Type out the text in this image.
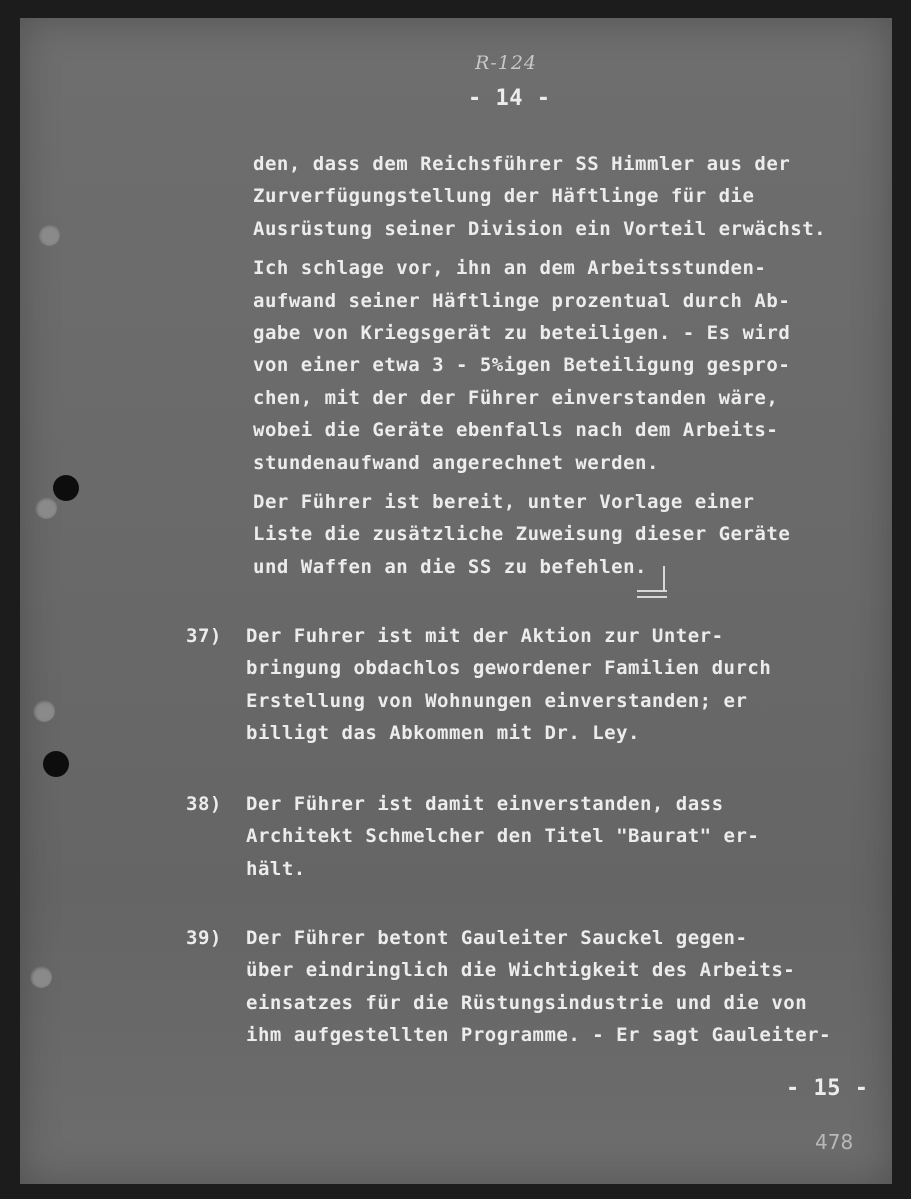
R-124
- 14 -
den, dass dem Reichsführer SS Himmler aus der
Zurverfügungstellung der Häftlinge für die
Ausrüstung seiner Division ein Vorteil erwächst.
Ich schlage vor, ihn an dem Arbeitsstunden-
aufwand seiner Häftlinge prozentual durch Ab-
gabe von Kriegsgerät zu beteiligen. - Es wird
von einer etwa 3 - 5%igen Beteiligung gespro-
chen, mit der der Führer einverstanden wäre,
wobei die Geräte ebenfalls nach dem Arbeits-
stundenaufwand angerechnet werden.
Der Führer ist bereit, unter Vorlage einer
Liste die zusätzliche Zuweisung dieser Geräte
und Waffen an die SS zu befehlen.
37) Der Fuhrer ist mit der Aktion zur Unter-
bringung obdachlos gewordener Familien durch
Erstellung von Wohnungen einverstanden; er
billigt das Abkommen mit Dr. Ley.
38) Der Führer ist damit einverstanden, dass
Architekt Schmelcher den Titel "Baurat" er-
hält.
39) Der Führer betont Gauleiter Sauckel gegen-
über eindringlich die Wichtigkeit des Arbeits-
einsatzes für die Rüstungsindustrie und die von
ihm aufgestellten Programme. - Er sagt Gauleiter-
- 15 -
478
